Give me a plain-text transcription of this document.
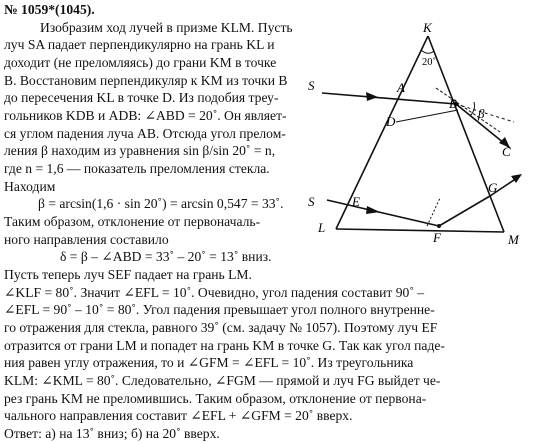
№ 1059*(1045).
Изобразим ход лучей в призме KLM. Пусть
луч SA падает перпендикулярно на грань KL и
доходит (не преломляясь) до грани KM в точке
B. Восстановим перпендикуляр к KM из точки B
до пересечения KL в точке D. Из подобия треу-
гольников KDB и ADB: ∠ABD = 20˚. Он являет-
ся углом падения луча AB. Отсюда угол прелом-
ления β находим из уравнения sin β/sin 20˚ = n,
где n = 1,6 — показатель преломления стекла.
Находим
β = arcsin(1,6 · sin 20˚) = arcsin 0,547 = 33˚.
Таким образом, отклонение от первоначаль-
ного направления составило
δ = β – ∠ABD = 33˚ – 20˚ = 13˚ вниз.
Пусть теперь луч SEF падает на грань LM.
∠KLF = 80˚. Значит ∠EFL = 10˚. Очевидно, угол падения составит 90˚ –
∠EFL = 90˚ – 10˚ = 80˚. Угол падения превышает угол полного внутренне-
го отражения для стекла, равного 39˚ (см. задачу № 1057). Поэтому луч EF
отразится от грани LM и попадет на грань KM в точке G. Так как угол паде-
ния равен углу отражения, то и ∠GFM = ∠EFL = 10˚. Из треугольника
KLM: ∠KML = 80˚. Следовательно, ∠FGM — прямой и луч FG выйдет че-
рез грань KM не преломившись. Таким образом, отклонение от первона-
чального направления составит ∠EFL + ∠GFM = 20˚ вверх.
Ответ: а) на 13˚ вниз; б) на 20˚ вверх.
K
20˚
S	A
B
D
β
C
S	E
L
F
G
M
